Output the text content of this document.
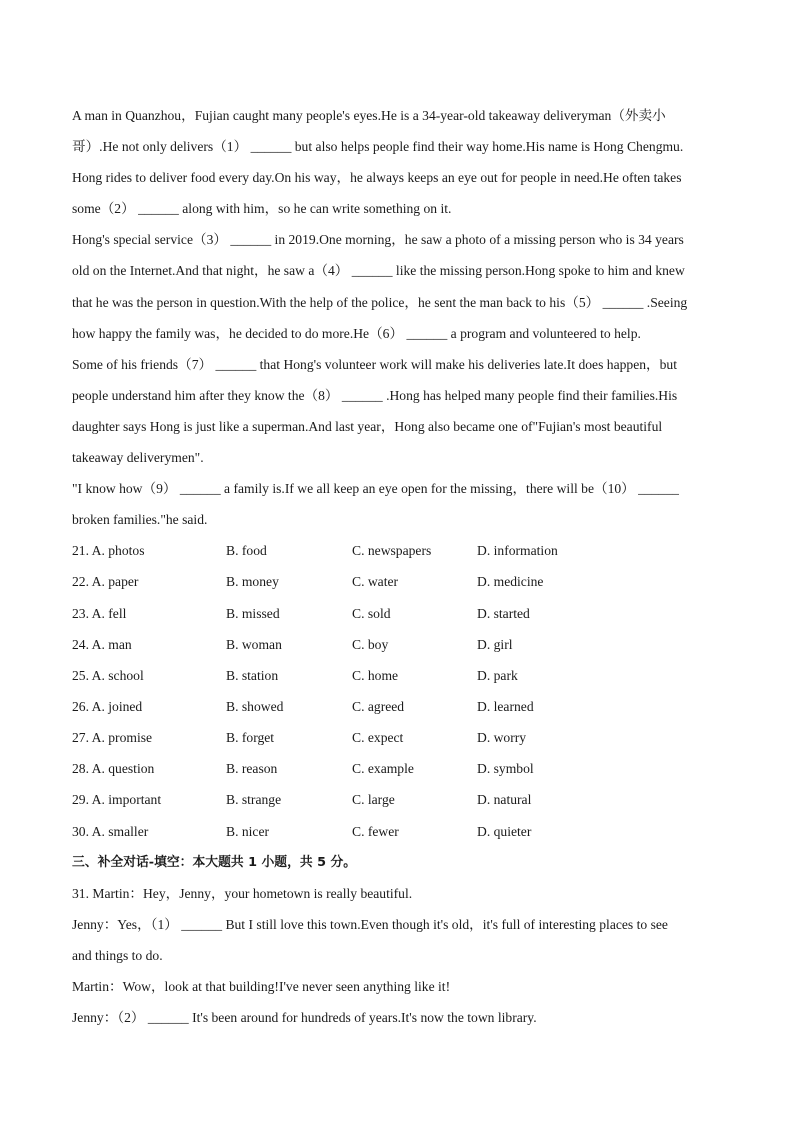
A man in Quanzhou，Fujian caught many people's eyes.He is a 34-year-old takeaway deliveryman（外卖小
哥）.He not only delivers（1） ______ but also helps people find their way home.His name is Hong Chengmu.
Hong rides to deliver food every day.On his way，he always keeps an eye out for people in need.He often takes
some（2） ______ along with him，so he can write something on it.
Hong's special service（3） ______ in 2019.One morning，he saw a photo of a missing person who is 34 years
old on the Internet.And that night，he saw a（4） ______ like the missing person.Hong spoke to him and knew
that he was the person in question.With the help of the police，he sent the man back to his（5） ______ .Seeing
how happy the family was，he decided to do more.He（6） ______ a program and volunteered to help.
Some of his friends（7） ______ that Hong's volunteer work will make his deliveries late.It does happen，but
people understand him after they know the（8） ______ .Hong has helped many people find their families.His
daughter says Hong is just like a superman.And last year，Hong also became one of"Fujian's most beautiful
takeaway deliverymen".
"I know how（9） ______ a family is.If we all keep an eye open for the missing，there will be（10） ______
broken families."he said.
21. A. photos	B. food	C. newspapers	D. information
22. A. paper	B. money	C. water	D. medicine
23. A. fell	B. missed	C. sold	D. started
24. A. man	B. woman	C. boy	D. girl
25. A. school	B. station	C. home	D. park
26. A. joined	B. showed	C. agreed	D. learned
27. A. promise	B. forget	C. expect	D. worry
28. A. question	B. reason	C. example	D. symbol
29. A. important	B. strange	C. large	D. natural
30. A. smaller	B. nicer	C. fewer	D. quieter
三、补全对话-填空：本大题共 1 小题，共 5 分。
31. Martin：Hey，Jenny，your hometown is really beautiful.
Jenny：Yes，（1） ______ But I still love this town.Even though it's old，it's full of interesting places to see
and things to do.
Martin：Wow，look at that building!I've never seen anything like it!
Jenny：（2） ______ It's been around for hundreds of years.It's now the town library.
